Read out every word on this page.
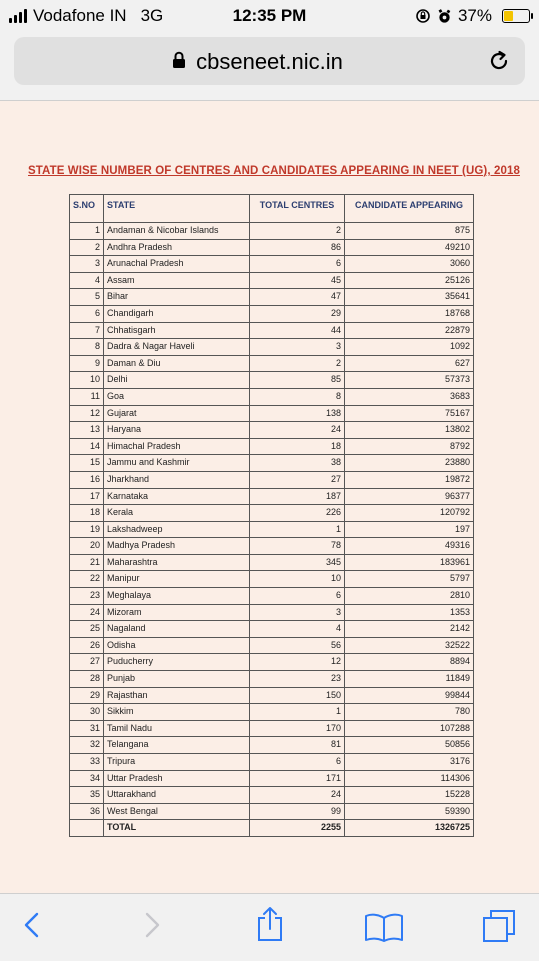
Vodafone IN 3G	12:35 PM	37%
cbseneet.nic.in
STATE WISE NUMBER OF CENTRES AND CANDIDATES APPEARING IN NEET (UG), 2018
S.NO	STATE	TOTAL CENTRES	CANDIDATE APPEARING
1	Andaman & Nicobar Islands	2	875
2	Andhra Pradesh	86	49210
3	Arunachal Pradesh	6	3060
4	Assam	45	25126
5	Bihar	47	35641
6	Chandigarh	29	18768
7	Chhatisgarh	44	22879
8	Dadra & Nagar Haveli	3	1092
9	Daman & Diu	2	627
10	Delhi	85	57373
11	Goa	8	3683
12	Gujarat	138	75167
13	Haryana	24	13802
14	Himachal Pradesh	18	8792
15	Jammu and Kashmir	38	23880
16	Jharkhand	27	19872
17	Karnataka	187	96377
18	Kerala	226	120792
19	Lakshadweep	1	197
20	Madhya Pradesh	78	49316
21	Maharashtra	345	183961
22	Manipur	10	5797
23	Meghalaya	6	2810
24	Mizoram	3	1353
25	Nagaland	4	2142
26	Odisha	56	32522
27	Puducherry	12	8894
28	Punjab	23	11849
29	Rajasthan	150	99844
30	Sikkim	1	780
31	Tamil Nadu	170	107288
32	Telangana	81	50856
33	Tripura	6	3176
34	Uttar Pradesh	171	114306
35	Uttarakhand	24	15228
36	West Bengal	99	59390
	TOTAL	2255	1326725
